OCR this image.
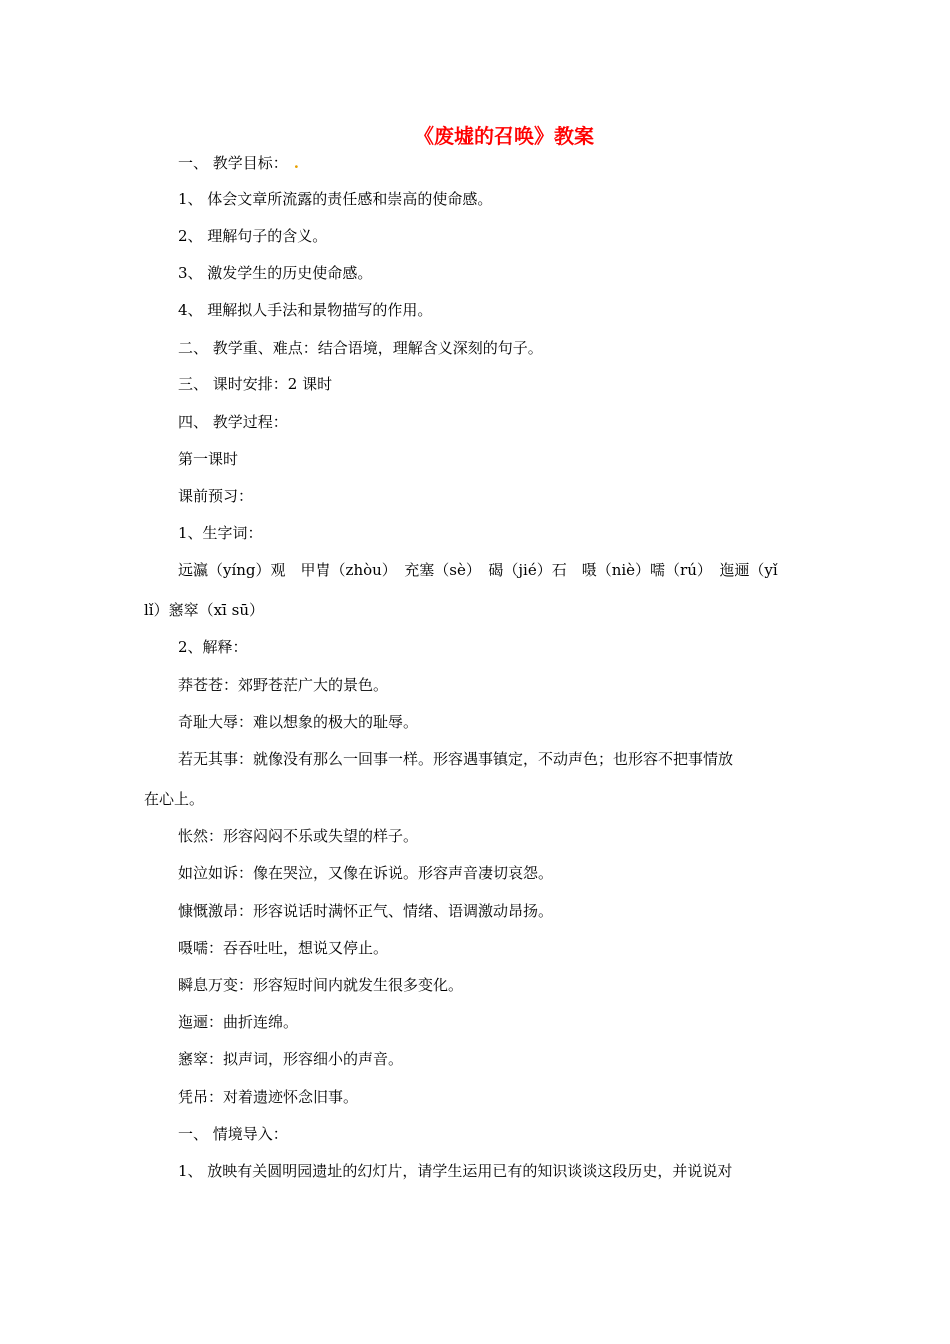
《废墟的召唤》教案
一、 教学目标： .
1、 体会文章所流露的责任感和崇高的使命感。
2、 理解句子的含义。
3、 激发学生的历史使命感。
4、 理解拟人手法和景物描写的作用。
二、 教学重、难点：结合语境，理解含义深刻的句子。
三、 课时安排：2 课时
四、 教学过程：
第一课时
课前预习：
1、生字词：
远瀛（yíng）观　甲胄（zhòu）　充塞（sè）　碣（jié）石　嗫（niè）嚅（rú）　迤逦（yǐ
lǐ）窸窣（xī sū）
2、解释：
莽苍苍：郊野苍茫广大的景色。
奇耻大辱：难以想象的极大的耻辱。
若无其事：就像没有那么一回事一样。形容遇事镇定，不动声色；也形容不把事情放
在心上。
怅然：形容闷闷不乐或失望的样子。
如泣如诉：像在哭泣，又像在诉说。形容声音凄切哀怨。
慷慨激昂：形容说话时满怀正气、情绪、语调激动昂扬。
嗫嚅：吞吞吐吐，想说又停止。
瞬息万变：形容短时间内就发生很多变化。
迤逦：曲折连绵。
窸窣：拟声词，形容细小的声音。
凭吊：对着遗迹怀念旧事。
一、 情境导入：
1、 放映有关圆明园遗址的幻灯片，请学生运用已有的知识谈谈这段历史，并说说对
